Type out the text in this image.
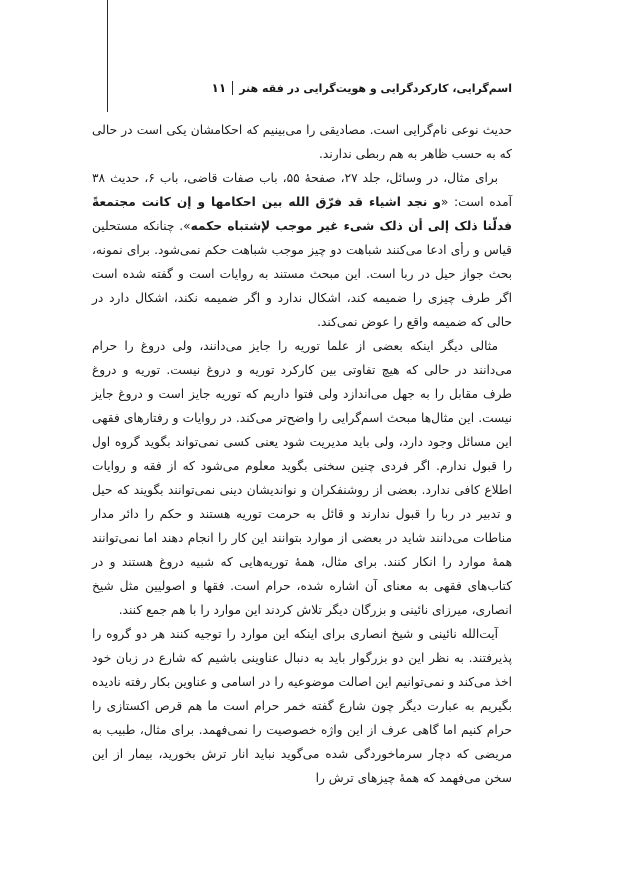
اسم‌گرایی، کارکردگرایی و هویت‌گرایی در فقه هنر
۱۱

حدیث نوعی نام‌گرایی است. مصادیقی را می‌بینیم که احکامشان یکی است در حالی که به حسب ظاهر به هم ربطی ندارند.

برای مثال، در وسائل، جلد ۲۷، صفحهٔ ۵۵، باب صفات قاضی، باب ۶، حدیث ۳۸ آمده است: «و نجد اشیاء قد فرّق الله بین احکامها و إن کانت مجتمعةً فدلّنا ذلک إلی أن ذلک شیء غیر موجب لإشتباه حکمه». چنانکه مستحلین قیاس و رأی ادعا می‌کنند شباهت دو چیز موجب شباهت حکم نمی‌شود. برای نمونه، بحث جواز حیل در ربا است. این مبحث مستند به روایات است و گفته شده است اگر طرف چیزی را ضمیمه کند، اشکال ندارد و اگر ضمیمه نکند، اشکال دارد در حالی که ضمیمه واقع را عوض نمی‌کند.

مثالی دیگر اینکه بعضی از علما توریه را جایز می‌دانند، ولی دروغ را حرام می‌دانند در حالی که هیچ تفاوتی بین کارکرد توریه و دروغ نیست. توریه و دروغ طرف مقابل را به جهل می‌اندازد ولی فتوا داریم که توریه جایز است و دروغ جایز نیست. این مثال‌ها مبحث اسم‌گرایی را واضح‌تر می‌کند. در روایات و رفتارهای فقهی این مسائل وجود دارد، ولی باید مدیریت شود یعنی کسی نمی‌تواند بگوید گروه اول را قبول ندارم. اگر فردی چنین سخنی بگوید معلوم می‌شود که از فقه و روایات اطلاع کافی ندارد. بعضی از روشنفکران و نواندیشان دینی نمی‌توانند بگویند که حیل و تدبیر در ربا را قبول ندارند و قائل به حرمت توریه هستند و حکم را دائر مدار مناطات می‌دانند شاید در بعضی از موارد بتوانند این کار را انجام دهند اما نمی‌توانند همهٔ موارد را انکار کنند. برای مثال، همهٔ توریه‌هایی که شبیه دروغ هستند و در کتاب‌های فقهی به معنای آن اشاره شده، حرام است. فقها و اصولیین مثل شیخ انصاری، میرزای نائینی و بزرگان دیگر تلاش کردند این موارد را با هم جمع کنند.

آیت‌الله نائینی و شیخ انصاری برای اینکه این موارد را توجیه کنند هر دو گروه را پذیرفتند. به نظر این دو بزرگوار باید به دنبال عناوینی باشیم که شارع در زبان خود اخذ می‌کند و نمی‌توانیم این اصالت موضوعیه را در اسامی و عناوین بکار رفته نادیده بگیریم به عبارت دیگر چون شارع گفته خمر حرام است ما هم قرص اکستازی را حرام کنیم اما گاهی عرف از این واژه خصوصیت را نمی‌فهمد. برای مثال، طبیب به مریضی که دچار سرماخوردگی شده می‌گوید نباید انار ترش بخورید، بیمار از این سخن می‌فهمد که همهٔ چیزهای ترش را
